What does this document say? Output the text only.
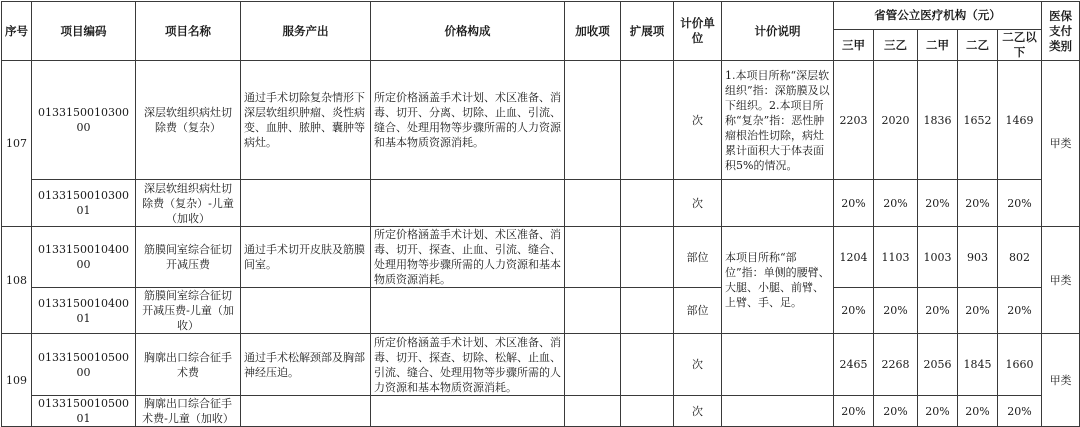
序号	项目编码	项目名称	服务产出	价格构成	加收项	扩展项	计价单位	计价说明	省管公立医疗机构（元）					医保支付类别
									三甲	三乙	二甲	二乙	二乙以下	
107	013315001030000	深层软组织病灶切除费（复杂）	通过手术切除复杂情形下深层软组织肿瘤、炎性病变、血肿、脓肿、囊肿等病灶。	所定价格涵盖手术计划、术区准备、消毒、切开、分离、切除、止血、引流、缝合、处理用物等步骤所需的人力资源和基本物质资源消耗。			次	1.本项目所称“深层软组织”指：深筋膜及以下组织。2.本项目所称“复杂”指：恶性肿瘤根治性切除，病灶累计面积大于体表面积5%的情况。	2203	2020	1836	1652	1469	甲类
	013315001030001	深层软组织病灶切除费（复杂）-儿童（加收）					次		20%	20%	20%	20%	20%	
108	013315001040000	筋膜间室综合征切开减压费	通过手术切开皮肤及筋膜间室。	所定价格涵盖手术计划、术区准备、消毒、切开、探查、止血、引流、缝合、处理用物等步骤所需的人力资源和基本物质资源消耗。			部位	本项目所称“部位”指：单侧的腰臂、大腿、小腿、前臂、上臂、手、足。	1204	1103	1003	903	802	甲类
	013315001040001	筋膜间室综合征切开减压费-儿童（加收）					部位		20%	20%	20%	20%	20%	
109	013315001050000	胸廓出口综合征手术费	通过手术松解颈部及胸部神经压迫。	所定价格涵盖手术计划、术区准备、消毒、切开、探查、切除、松解、止血、引流、缝合、处理用物等步骤所需的人力资源和基本物质资源消耗。			次		2465	2268	2056	1845	1660	甲类
	013315001050001	胸廓出口综合征手术费-儿童（加收）					次		20%	20%	20%	20%	20%	
